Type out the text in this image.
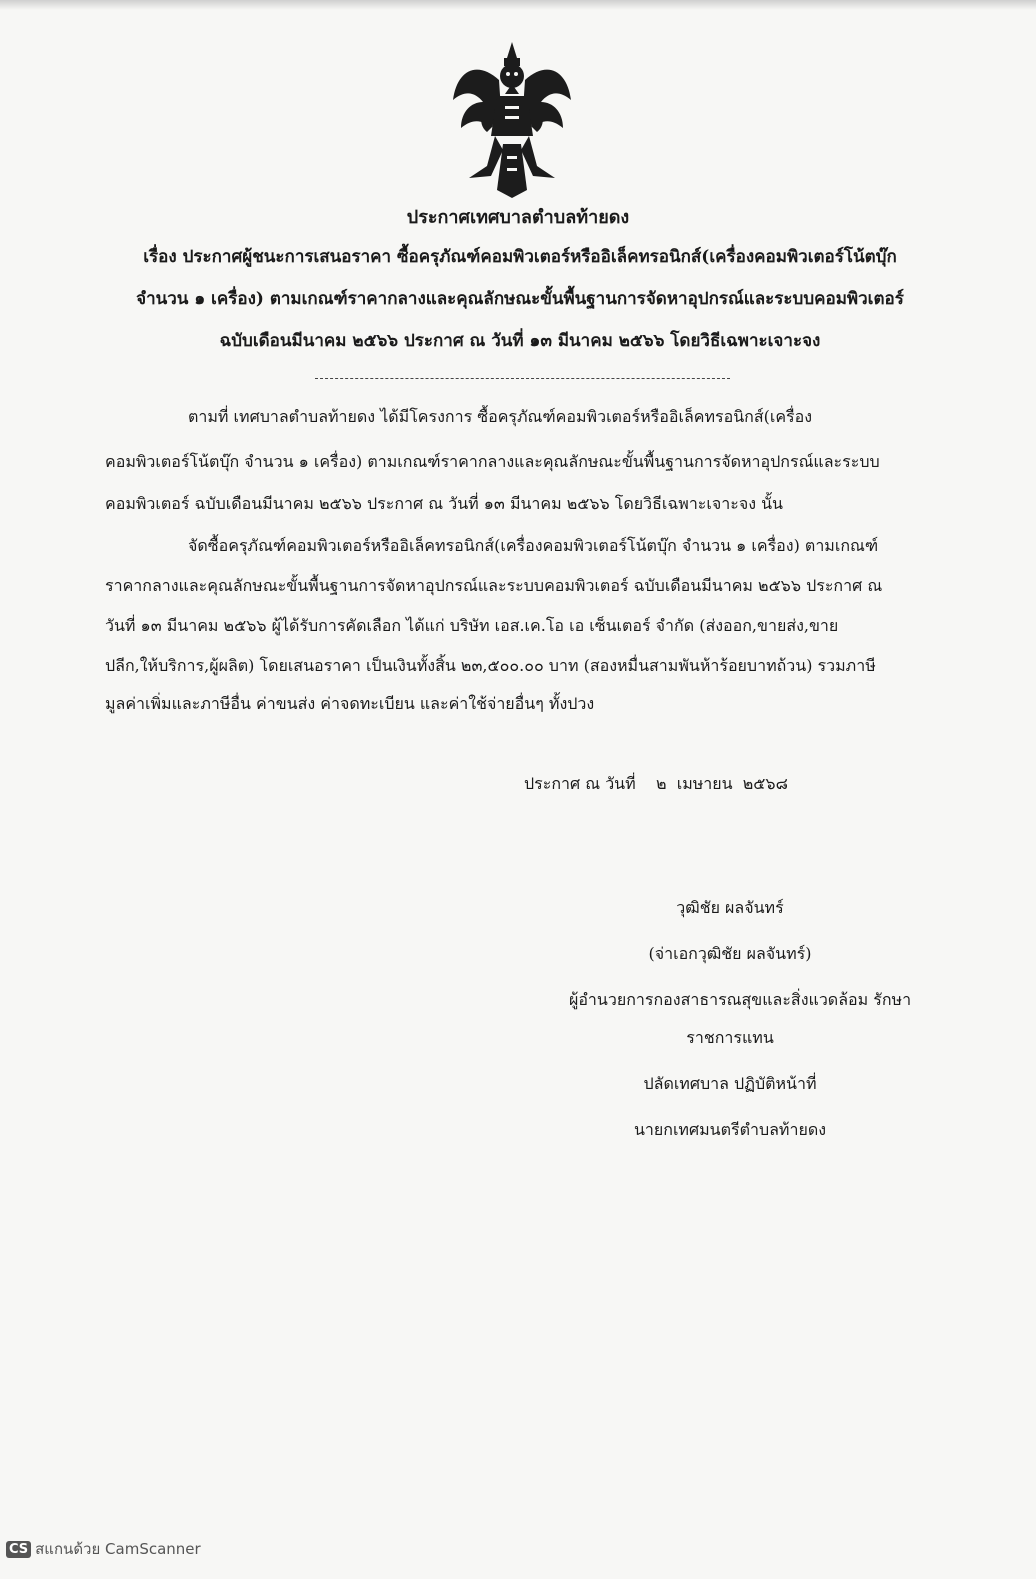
ประกาศเทศบาลตำบลท้ายดง
เรื่อง ประกาศผู้ชนะการเสนอราคา ซื้อครุภัณฑ์คอมพิวเตอร์หรืออิเล็คทรอนิกส์(เครื่องคอมพิวเตอร์โน้ตบุ๊ก
จำนวน ๑ เครื่อง) ตามเกณฑ์ราคากลางและคุณลักษณะขั้นพื้นฐานการจัดหาอุปกรณ์และระบบคอมพิวเตอร์
ฉบับเดือนมีนาคม ๒๕๖๖ ประกาศ ณ วันที่ ๑๓ มีนาคม ๒๕๖๖ โดยวิธีเฉพาะเจาะจง
ตามที่ เทศบาลตำบลท้ายดง ได้มีโครงการ ซื้อครุภัณฑ์คอมพิวเตอร์หรืออิเล็คทรอนิกส์(เครื่อง
คอมพิวเตอร์โน้ตบุ๊ก จำนวน ๑ เครื่อง) ตามเกณฑ์ราคากลางและคุณลักษณะขั้นพื้นฐานการจัดหาอุปกรณ์และระบบ
คอมพิวเตอร์ ฉบับเดือนมีนาคม ๒๕๖๖ ประกาศ ณ วันที่ ๑๓ มีนาคม ๒๕๖๖ โดยวิธีเฉพาะเจาะจง นั้น
จัดซื้อครุภัณฑ์คอมพิวเตอร์หรืออิเล็คทรอนิกส์(เครื่องคอมพิวเตอร์โน้ตบุ๊ก จำนวน ๑ เครื่อง) ตามเกณฑ์
ราคากลางและคุณลักษณะขั้นพื้นฐานการจัดหาอุปกรณ์และระบบคอมพิวเตอร์ ฉบับเดือนมีนาคม ๒๕๖๖ ประกาศ ณ
วันที่ ๑๓ มีนาคม ๒๕๖๖ ผู้ได้รับการคัดเลือก ได้แก่ บริษัท เอส.เค.โอ เอ เซ็นเตอร์ จำกัด (ส่งออก,ขายส่ง,ขาย
ปลีก,ให้บริการ,ผู้ผลิต) โดยเสนอราคา เป็นเงินทั้งสิ้น ๒๓,๕๐๐.๐๐ บาท (สองหมื่นสามพันห้าร้อยบาทถ้วน) รวมภาษี
มูลค่าเพิ่มและภาษีอื่น ค่าขนส่ง ค่าจดทะเบียน และค่าใช้จ่ายอื่นๆ ทั้งปวง
ประกาศ ณ วันที่    ๒  เมษายน  ๒๕๖๘
วุฒิชัย ผลจันทร์
(จ่าเอกวุฒิชัย ผลจันทร์)
ผู้อำนวยการกองสาธารณสุขและสิ่งแวดล้อม รักษา
ราชการแทน
ปลัดเทศบาล ปฏิบัติหน้าที่
นายกเทศมนตรีตำบลท้ายดง
CS สแกนด้วย CamScanner
